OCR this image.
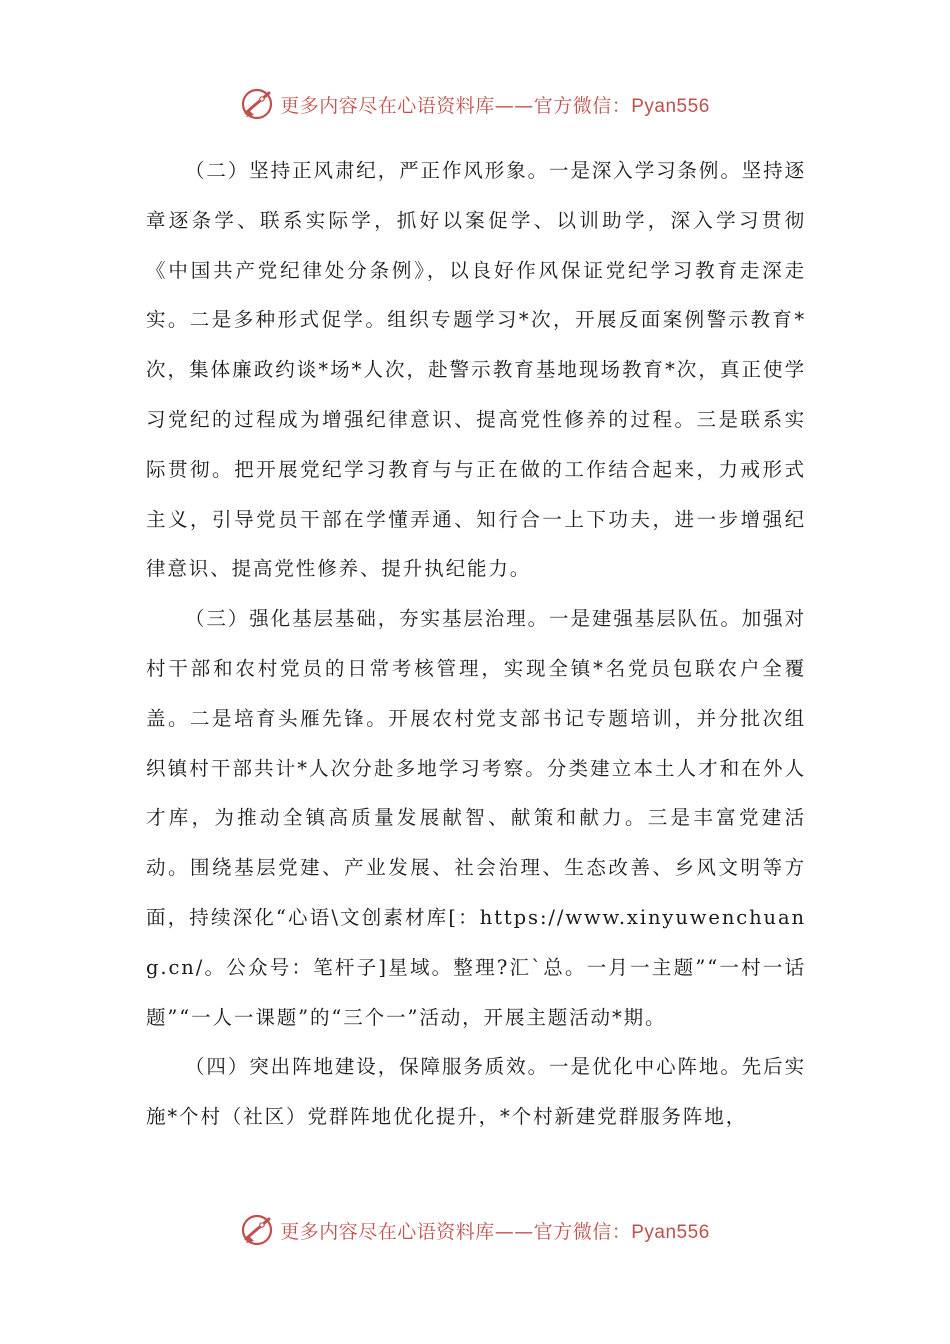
更多内容尽在心语资料库——官方微信：Pyan556

（二）坚持正风肃纪，严正作风形象。一是深入学习条例。坚持逐章逐条学、联系实际学，抓好以案促学、以训助学，深入学习贯彻《中国共产党纪律处分条例》，以良好作风保证党纪学习教育走深走实。二是多种形式促学。组织专题学习*次，开展反面案例警示教育*次，集体廉政约谈*场*人次，赴警示教育基地现场教育*次，真正使学习党纪的过程成为增强纪律意识、提高党性修养的过程。三是联系实际贯彻。把开展党纪学习教育与与正在做的工作结合起来，力戒形式主义，引导党员干部在学懂弄通、知行合一上下功夫，进一步增强纪律意识、提高党性修养、提升执纪能力。

（三）强化基层基础，夯实基层治理。一是建强基层队伍。加强对村干部和农村党员的日常考核管理，实现全镇*名党员包联农户全覆盖。二是培育头雁先锋。开展农村党支部书记专题培训，并分批次组织镇村干部共计*人次分赴多地学习考察。分类建立本土人才和在外人才库，为推动全镇高质量发展献智、献策和献力。三是丰富党建活动。围绕基层党建、产业发展、社会治理、生态改善、乡风文明等方面，持续深化“心语\文创素材库[：https://www.xinyuwenchuang.cn/。公众号：笔杆子]星域。整理?汇`总。一月一主题”“一村一话题”“一人一课题”的“三个一”活动，开展主题活动*期。

（四）突出阵地建设，保障服务质效。一是优化中心阵地。先后实施*个村（社区）党群阵地优化提升，*个村新建党群服务阵地，

更多内容尽在心语资料库——官方微信：Pyan556
